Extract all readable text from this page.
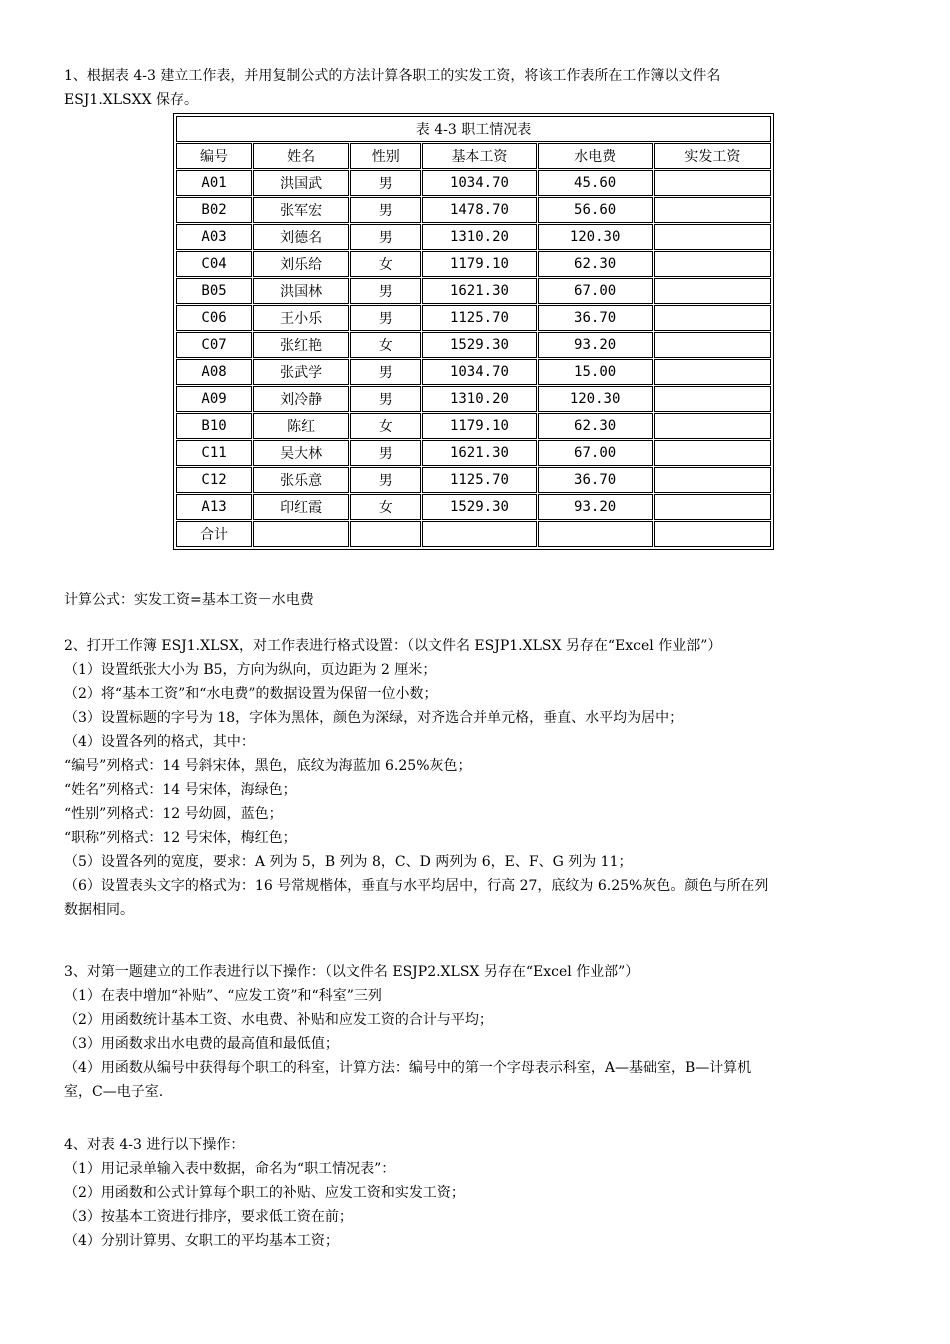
1、根据表 4-3 建立工作表，并用复制公式的方法计算各职工的实发工资，将该工作表所在工作簿以文件名
ESJ1.XLSXX 保存。
表 4-3 职工情况表					
编号	姓名	性别	基本工资	水电费	实发工资
A01	洪国武	男	1034.70	45.60	
B02	张军宏	男	1478.70	56.60	
A03	刘德名	男	1310.20	120.30	
C04	刘乐给	女	1179.10	62.30	
B05	洪国林	男	1621.30	67.00	
C06	王小乐	男	1125.70	36.70	
C07	张红艳	女	1529.30	93.20	
A08	张武学	男	1034.70	15.00	
A09	刘冷静	男	1310.20	120.30	
B10	陈红	女	1179.10	62.30	
C11	吴大林	男	1621.30	67.00	
C12	张乐意	男	1125.70	36.70	
A13	印红霞	女	1529.30	93.20	
合计					
计算公式：实发工资=基本工资－水电费
2、打开工作簿 ESJ1.XLSX，对工作表进行格式设置：（以文件名 ESJP1.XLSX 另存在“Excel 作业部”）
（1）设置纸张大小为 B5，方向为纵向，页边距为 2 厘米；
（2）将“基本工资”和“水电费”的数据设置为保留一位小数；
（3）设置标题的字号为 18，字体为黑体，颜色为深绿，对齐选合并单元格，垂直、水平均为居中；
（4）设置各列的格式，其中：
“编号”列格式：14 号斜宋体，黑色，底纹为海蓝加 6.25%灰色；
“姓名”列格式：14 号宋体，海绿色；
“性别”列格式：12 号幼圆，蓝色；
“职称”列格式：12 号宋体，梅红色；
（5）设置各列的宽度，要求：A 列为 5，B 列为 8，C、D 两列为 6，E、F、G 列为 11；
（6）设置表头文字的格式为：16 号常规楷体，垂直与水平均居中，行高 27，底纹为 6.25%灰色。颜色与所在列
数据相同。
3、对第一题建立的工作表进行以下操作：（以文件名 ESJP2.XLSX 另存在“Excel 作业部”）
（1）在表中增加“补贴”、“应发工资”和“科室”三列
（2）用函数统计基本工资、水电费、补贴和应发工资的合计与平均；
（3）用函数求出水电费的最高值和最低值；
（4）用函数从编号中获得每个职工的科室，计算方法：编号中的第一个字母表示科室，A—基础室，B—计算机
室，C—电子室.
4、对表 4-3 进行以下操作：
（1）用记录单输入表中数据，命名为“职工情况表”：
（2）用函数和公式计算每个职工的补贴、应发工资和实发工资；
（3）按基本工资进行排序，要求低工资在前；
（4）分别计算男、女职工的平均基本工资；
